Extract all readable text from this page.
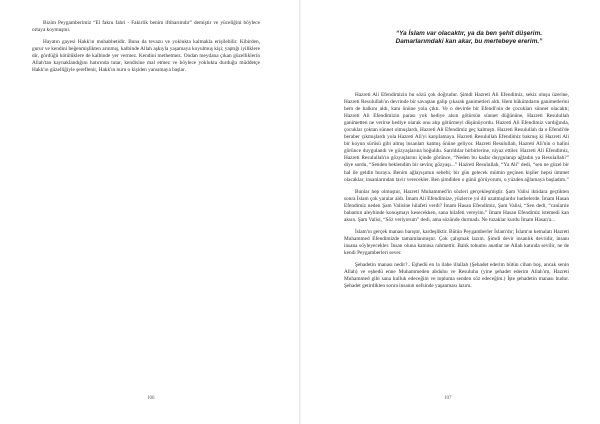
Bizim Peygamberimiz “El fakru fahri - Fakirlik benim iftiharımdır” demiştir ve yüceliğini böylece ortaya koymuştur.

Hayatın gayesi Hakk'ın muhabbetidir. Buna da tevazu ve yokluktа kalmakla erişilebilir. Kibirden, gurur ve kendini beğenmişlikten arınmış, kalbinde Allah aşkıyla yaşamaya koyulmuş kişi; yaptığı iyiliklere dir, gördüğü kötülüklere de kalbinde yer vermez. Kendini methetmez. Ondan meydana çıkan güzelliklerin Allah'tan kaynaklandığını hatırında tutar, kendisine mal etmez ve böylece yoklukta durduğu müddetçe Hakk'ın güzelliğiyle şereflenir, Hakk'ın nuru o kişiden yansımaya başlar.

106
“Ya İslam var olacaktır, ya da ben şehit düşerim.
Damarlarımdaki kan akar, bu mertebeye ererim.”

Hazreti Ali Efendimizin bu sözü çok doğrudur. Şimdi Hazreti Ali Efendimiz, sekiz oluşu üzerine, Hazreti Resulullah'ın devrinde bir savaştan galip çıkarak ganimetleri aldı. Hem hükümdarın ganimetlerini hem de halkını aldı, kanı önüne yola çıktı. Ve o devirde bir Efendi'nin de çocukları sünnet olacaktı; Hazreti Ali Efendimizin parası yok hediye alsın götürsün sünnet düğününe, Hazreti Resulullah ganimetten ne verirse hediye olarak onu alıp götürmeyi düşünüyordu. Hazreti Ali Efendimiz vardığında, çocuklar çoktan sünnet olmuşlardı, Hazreti Ali Efendimiz geç kalmıştı. Hazreti Resulullah da o Efendi'de beraber çıkmışlardı yola Hazreti Ali'yi karşılamaya. Hazreti Resulullah Efendimiz bakmış ki Hazreti Ali bir koyun sürüsü gibi almış insanları katmış önüne geliyor. Hazreti Resulullah, Hazreti Ali'nin o halini görünce duygulandı ve gözyaşlarına boğuldu. Sarıldılar birbirlerine, niyaz ettiler. Hazreti Ali Efendimiz, Hazreti Resulullah'ın gözyaşlarını içinde görünce, “Neden bu kadar duygulanıp ağladın ya Resulallah?” diye sordu, “Senden beklendim bir sevinç gözyaşı...” Hazreti Resulullah, “Ya Ali” dedi, “sen ne güzel bir hal ile geldin buraya. Benim ağlayışımın sebebi; bir gün gelecek mümin geçinen kişiler hepsi ümmet olacaklar, insanlarından tavir verecekler. Ben şimdiden o günü görüyorum, o yüzden ağlamaya başladım.”

Bunlar hep olmuştur, Hazreti Muhammed'in sözleri gerçekleşmiştir. Şam Valisi iktidara geçtikten sonra İslam çok yaralar aldı. İmam Ali Efendimize, yüzlerce yıl dil uzatmışlardır hutbelerde. İmam Hasan Efendimiz neden Şam Valisine hilafeti verdi? İmam Hasan Efendimiz, Şam Valisi, “Sen dedi, “canlarıle babamın aleyhinde konuşmayı kesecekken, sana hilafeti vereyim.” İmam Hasan Efendimiz istemedi kan aksın. Şam Valisi, “Söz veriyorum” dedi, ama sözünde durmadı. Ne tuzaklar kurdu İmam Hasan'a...

İslam'ın gerçek manası barıştır, kardeşliktir. Bütün Peygamberler İslam'dır; İslam'ın kemalatı Hazreti Muhammed Efendimizde tamamlanmıştır. Çok çalışmak lazım. Şimdi devir insanlık devridir, insanı insana söyleyecekler. İnsan oluna kamusa rahmettir. Balık tohumu anatlar ne Allah katında sevilir, ne de kendi Peygamberleri sever.

Şehadetin manası nedir?.. Eşhedü en la ilahe illallah (Şehadet ederim bütün cihan boş, ancak senin Allah) ve eşhedü enne Muhammeden abduhu ve Resuluhu (yine şehadet ederim Allah'ım, Hazreti Muhammed gibi sana kulluk edeceğim ve topluma senden söz edeceğim.) İşte şehadetin manası budur. Şehadet getirdikten sonra insanın nefsinde yaşanması lazım.

107
